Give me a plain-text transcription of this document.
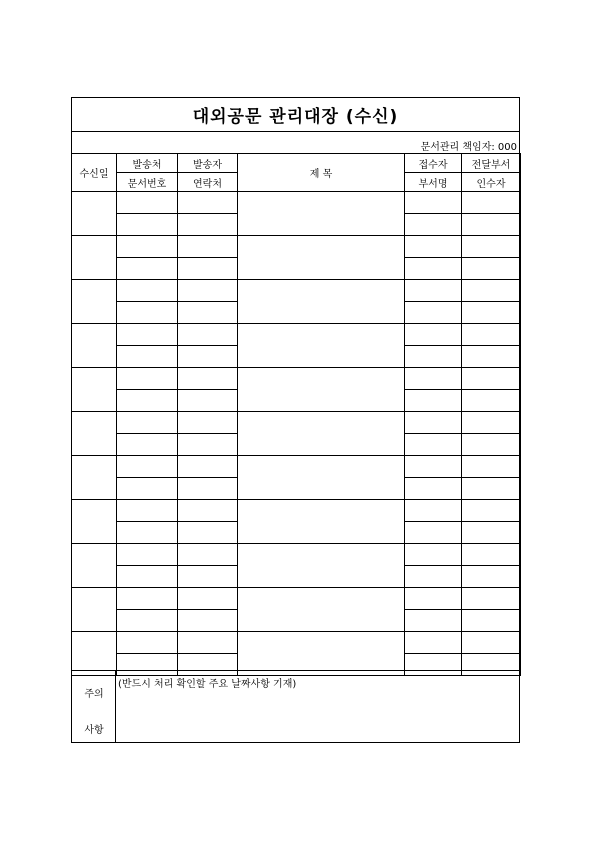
대외공문 관리대장 (수신)
문서관리 책임자: 000
수신일	발송처	발송자	제 목	접수자	전달부서
	문서번호	연락처		부서명	인수자

주의
사항
(반드시 처리 확인할 주요 날짜사항 기재)
